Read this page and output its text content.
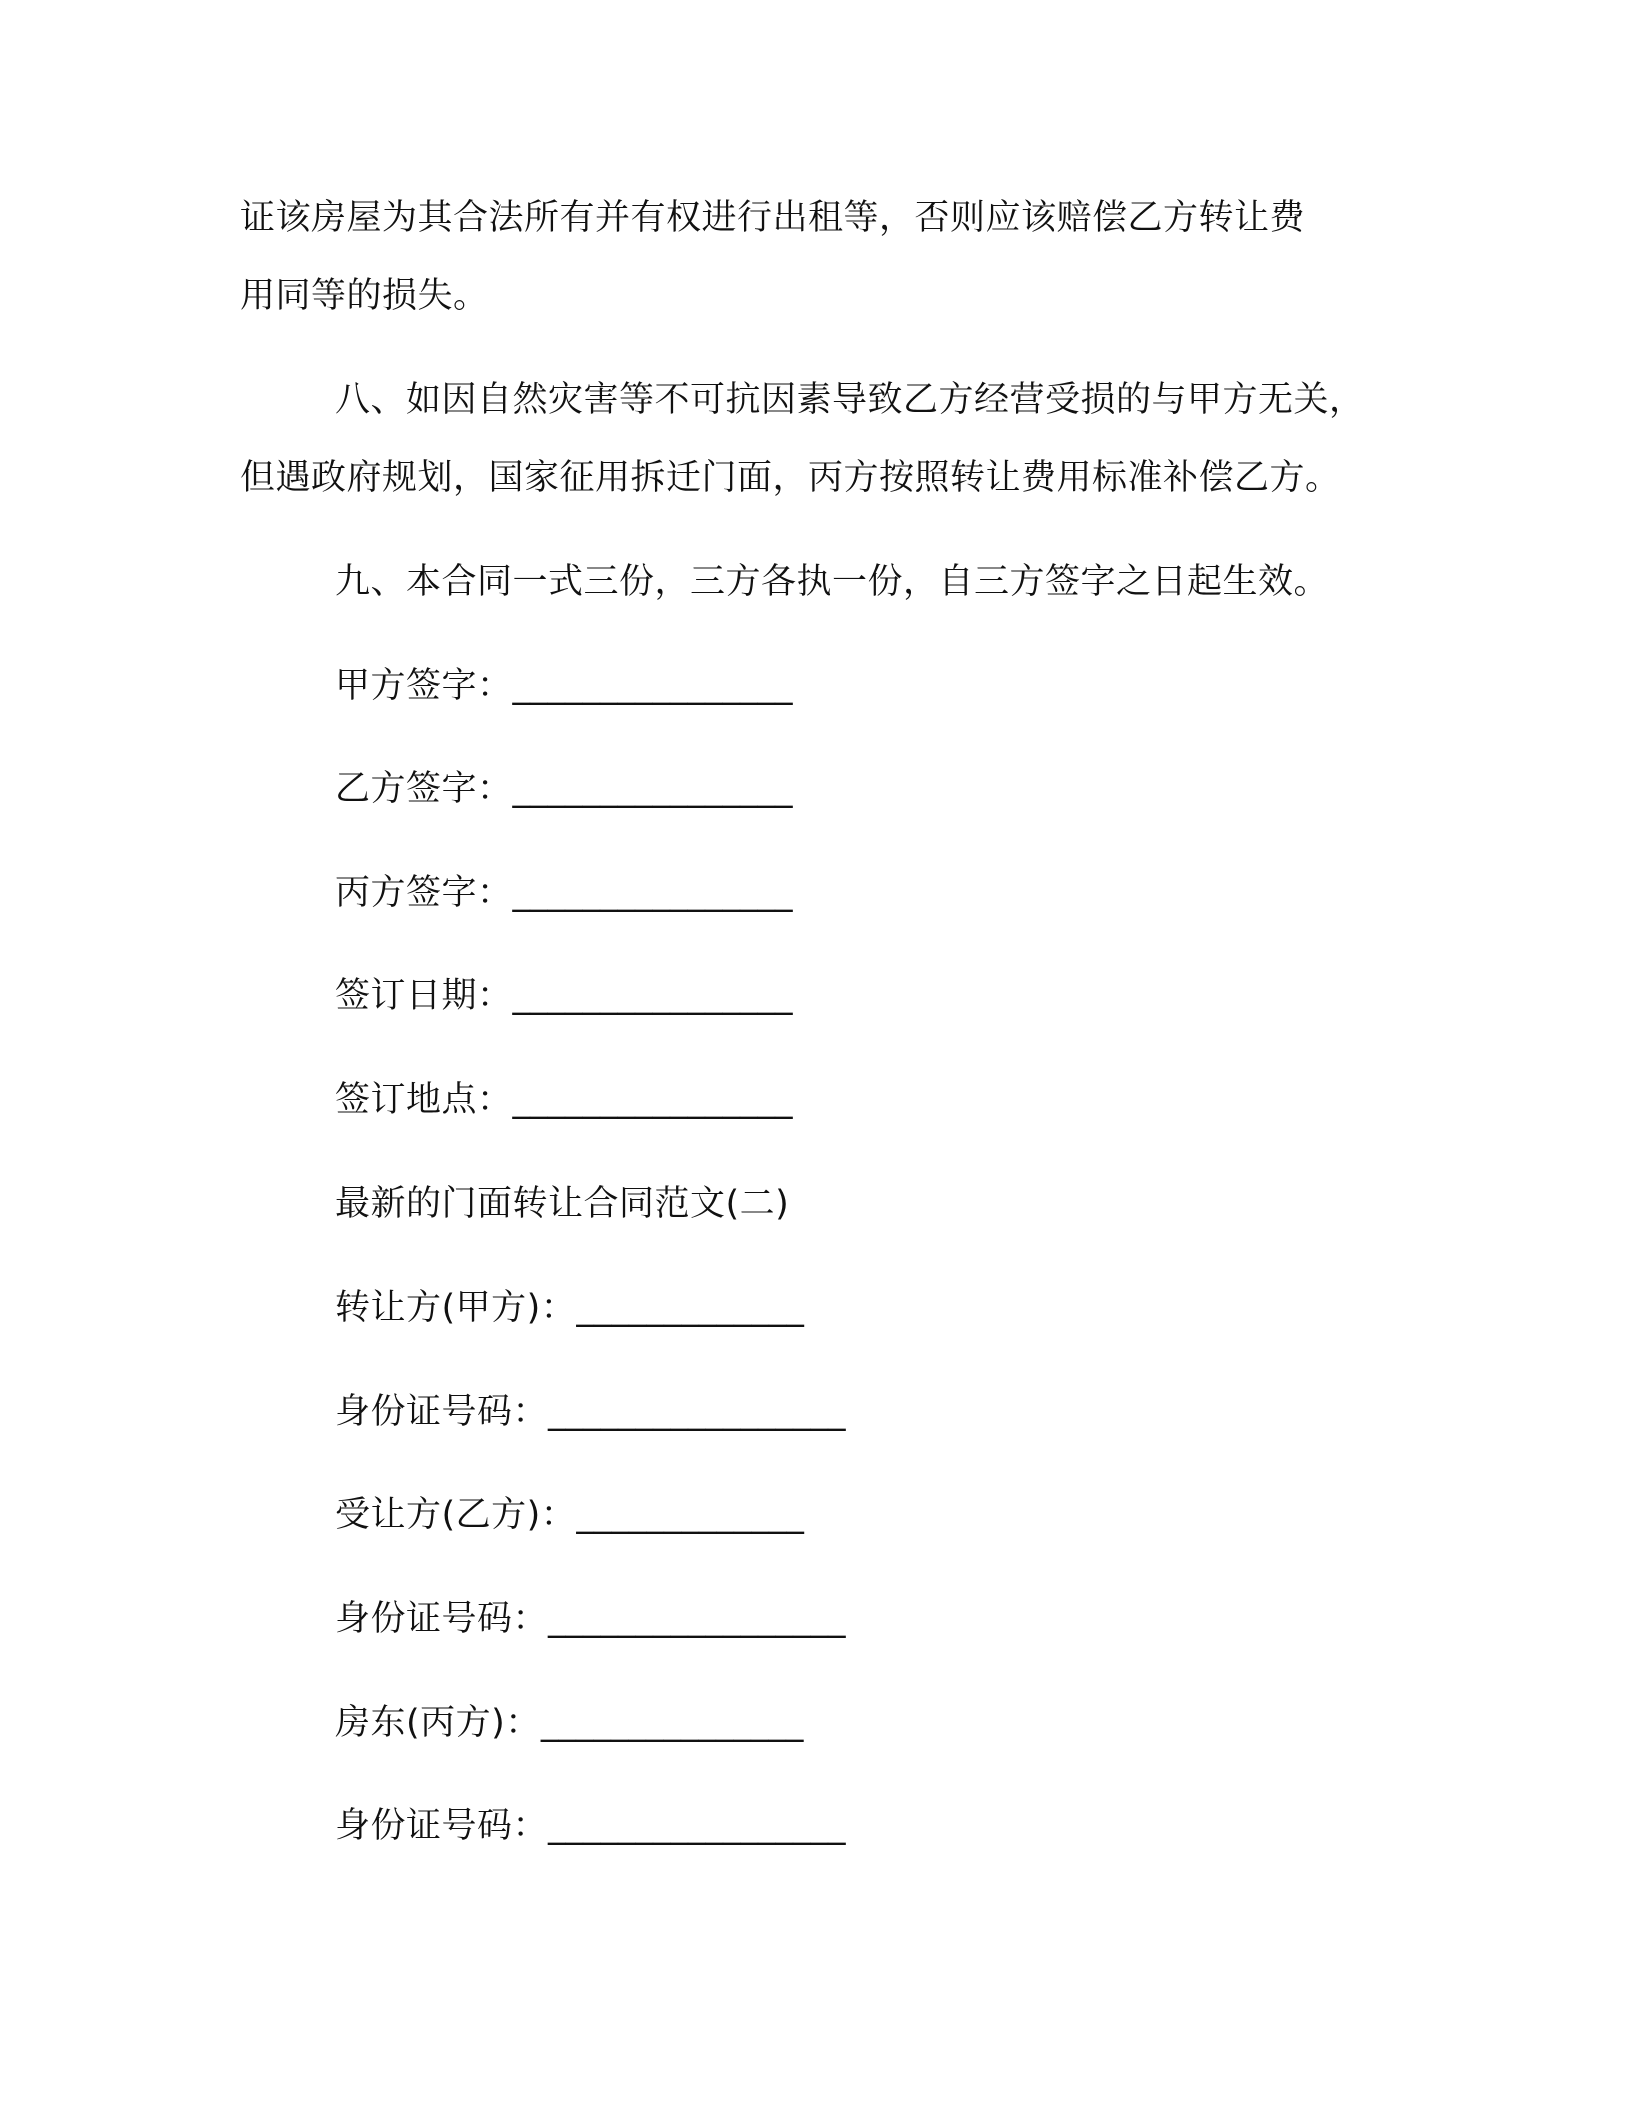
证该房屋为其合法所有并有权进行出租等，否则应该赔偿乙方转让费
用同等的损失。
八、如因自然灾害等不可抗因素导致乙方经营受损的与甲方无关，
但遇政府规划，国家征用拆迁门面，丙方按照转让费用标准补偿乙方。
九、本合同一式三份，三方各执一份，自三方签字之日起生效。
甲方签字：________________
乙方签字：________________
丙方签字：________________
签订日期：________________
签订地点：________________
最新的门面转让合同范文(二)
转让方(甲方)：_____________
身份证号码：_________________
受让方(乙方)：_____________
身份证号码：_________________
房东(丙方)：_______________
身份证号码：_________________
